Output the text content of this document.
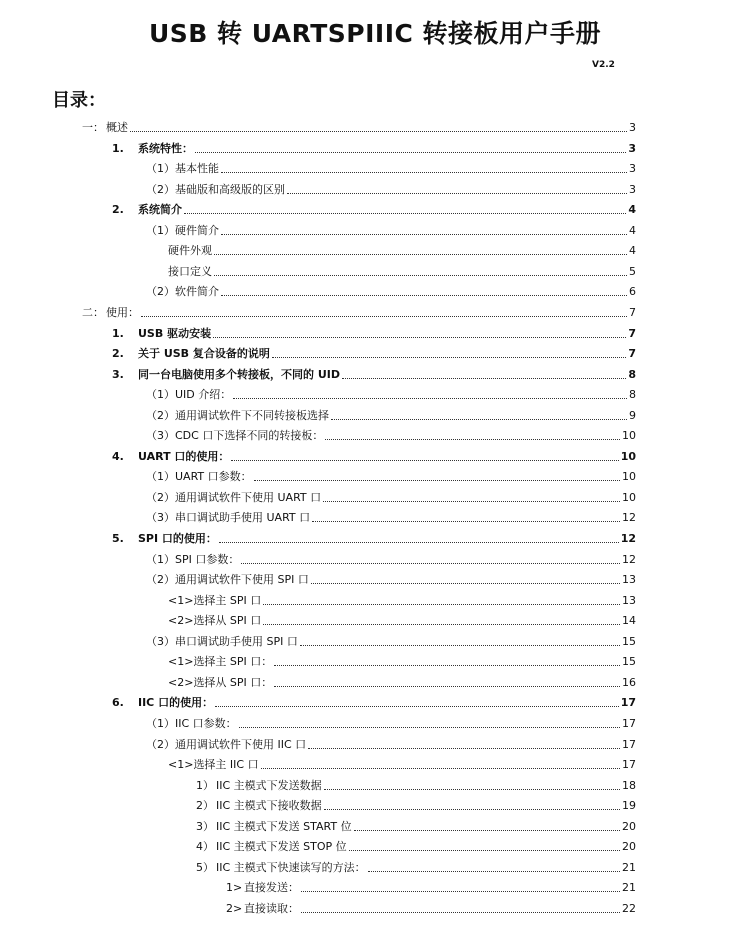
USB 转 UARTSPIIIC 转接板用户手册
V2.2
目录：
一： 概述	3
1.	系统特性：	3
（1） 基本性能	3
（2） 基础版和高级版的区别	3
2.	系统简介	4
（1） 硬件简介	4
硬件外观	4
接口定义	5
（2） 软件简介	6
二： 使用：	7
1.	USB 驱动安装	7
2.	关于 USB 复合设备的说明	7
3.	同一台电脑使用多个转接板，不同的 UID	8
（1） UID 介绍：	8
（2） 通用调试软件下不同转接板选择	9
（3） CDC 口下选择不同的转接板：	10
4.	UART 口的使用：	10
（1） UART 口参数：	10
（2） 通用调试软件下使用 UART 口	10
（3） 串口调试助手使用 UART 口	12
5.	SPI 口的使用：	12
（1） SPI 口参数：	12
（2） 通用调试软件下使用 SPI 口	13
<1> 选择主 SPI 口	13
<2> 选择从 SPI 口	14
（3） 串口调试助手使用 SPI 口	15
<1> 选择主 SPI 口：	15
<2> 选择从 SPI 口：	16
6.	IIC 口的使用：	17
（1） IIC 口参数：	17
（2） 通用调试软件下使用 IIC 口	17
<1> 选择主 IIC 口	17
1） IIC 主模式下发送数据	18
2） IIC 主模式下接收数据	19
3） IIC 主模式下发送 START 位	20
4） IIC 主模式下发送 STOP 位	20
5） IIC 主模式下快速读写的方法：	21
1> 直接发送：	21
2> 直接读取：	22
